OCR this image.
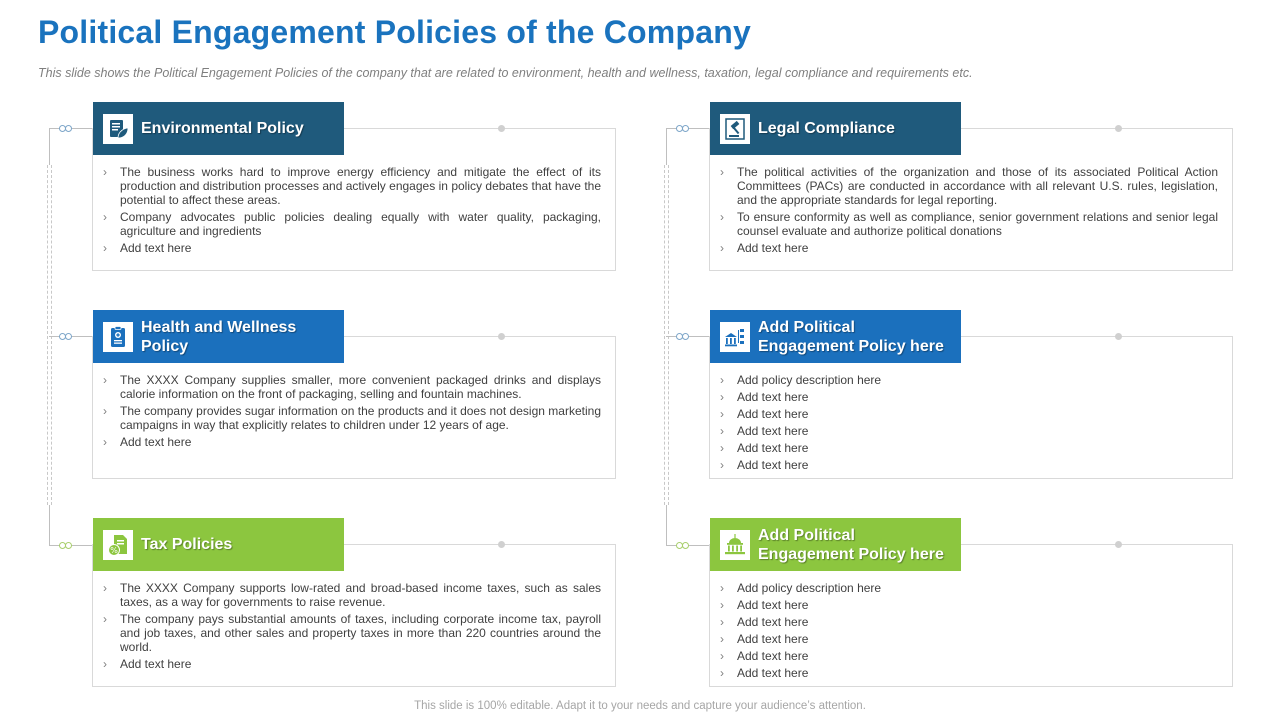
Political Engagement Policies of the Company
This slide shows the Political Engagement Policies of the company that are related to environment, health and wellness, taxation, legal compliance and requirements etc.
Environmental Policy
› The business works hard to improve energy efficiency and mitigate the effect of its production and distribution processes and actively engages in policy debates that have the potential to affect these areas.
› Company advocates public policies dealing equally with water quality, packaging, agriculture and ingredients
› Add text here
Health and Wellness Policy
› The XXXX Company supplies smaller, more convenient packaged drinks and displays calorie information on the front of packaging, selling and fountain machines.
› The company provides sugar information on the products and it does not design marketing campaigns in way that explicitly relates to children under 12 years of age.
› Add text here
% Tax Policies
› The XXXX Company supports low-rated and broad-based income taxes, such as sales taxes, as a way for governments to raise revenue.
› The company pays substantial amounts of taxes, including corporate income tax, payroll and job taxes, and other sales and property taxes in more than 220 countries around the world.
› Add text here
Legal Compliance
› The political activities of the organization and those of its associated Political Action Committees (PACs) are conducted in accordance with all relevant U.S. rules, legislation, and the appropriate standards for legal reporting.
› To ensure conformity as well as compliance, senior government relations and senior legal counsel evaluate and authorize political donations
› Add text here
Add Political Engagement Policy here
› Add policy description here
› Add text here
› Add text here
› Add text here
› Add text here
› Add text here
Add Political Engagement Policy here
› Add policy description here
› Add text here
› Add text here
› Add text here
› Add text here
› Add text here
This slide is 100% editable. Adapt it to your needs and capture your audience’s attention.
